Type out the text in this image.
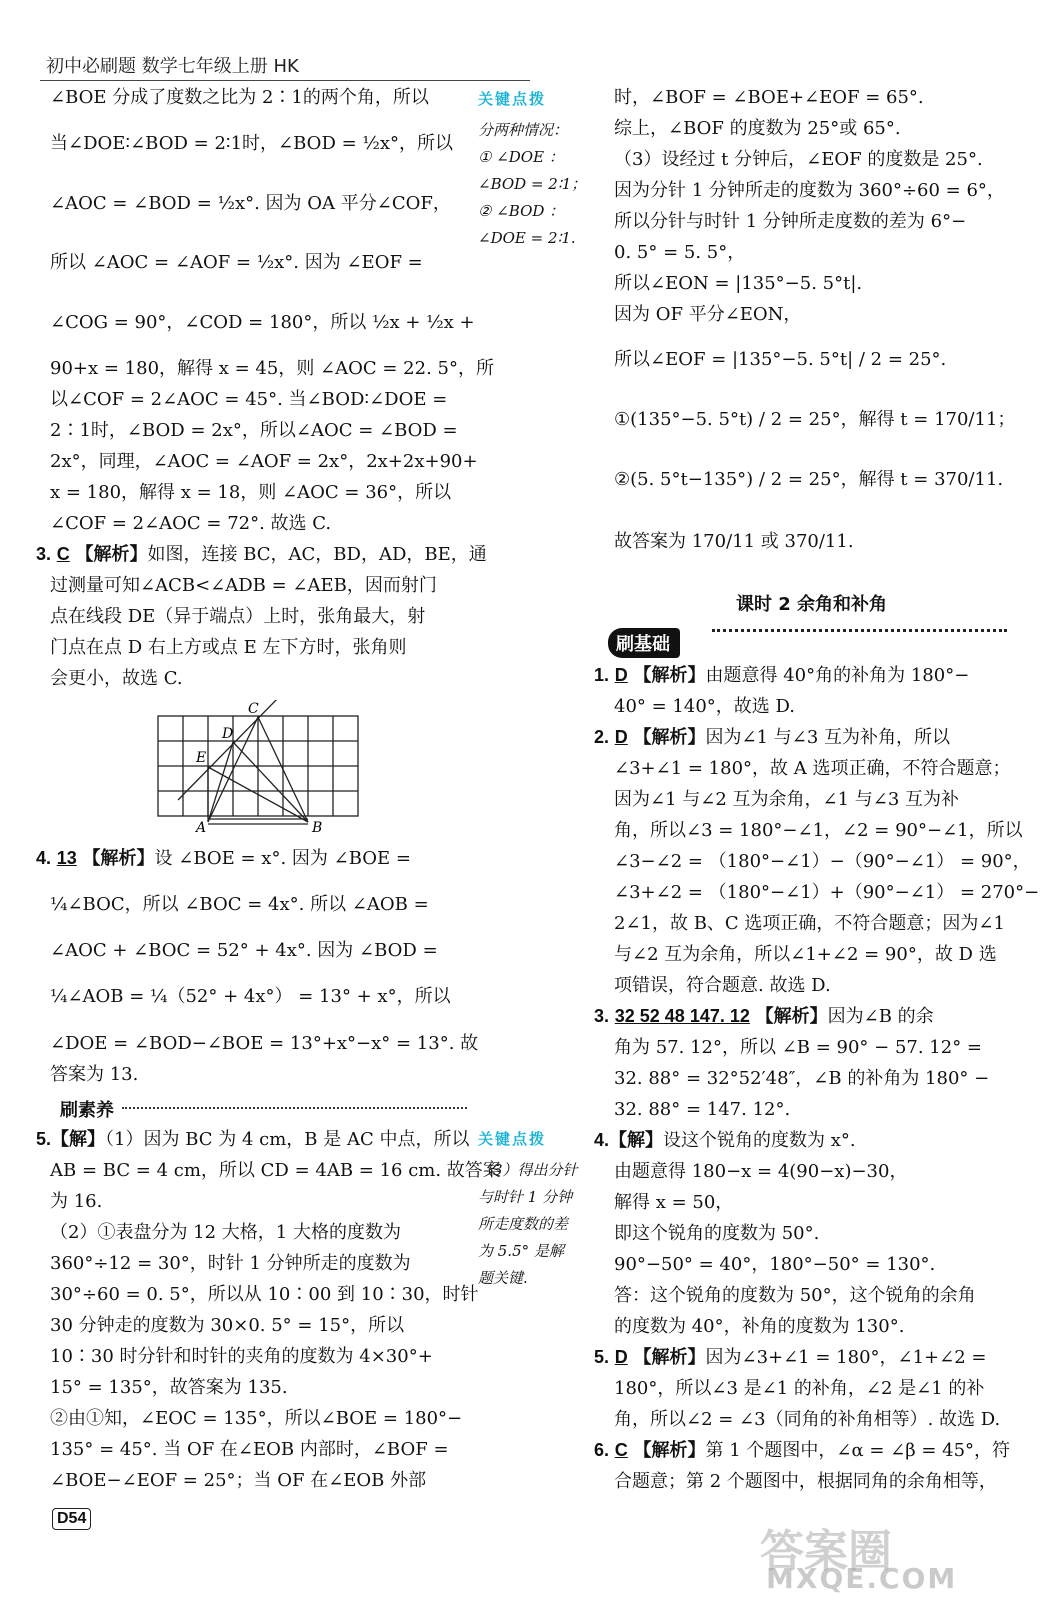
初中必刷题 数学七年级上册 HK
∠BOE 分成了度数之比为 2∶1的两个角，所以
当∠DOE∶∠BOD = 2∶1时，∠BOD = ½x°，所以
∠AOC = ∠BOD = ½x°. 因为 OA 平分∠COF，
所以 ∠AOC = ∠AOF = ½x°. 因为 ∠EOF =
∠COG = 90°，∠COD = 180°，所以 ½x + ½x +
90+x = 180，解得 x = 45，则 ∠AOC = 22. 5°，所
以∠COF = 2∠AOC = 45°. 当∠BOD∶∠DOE =
2∶1时，∠BOD = 2x°，所以∠AOC = ∠BOD =
2x°，同理，∠AOC = ∠AOF = 2x°，2x+2x+90+
x = 180，解得 x = 18，则 ∠AOC = 36°，所以
∠COF = 2∠AOC = 72°. 故选 C.
3. C 【解析】如图，连接 BC，AC，BD，AD，BE，通
过测量可知∠ACB<∠ADB = ∠AEB，因而射门
点在线段 DE（异于端点）上时，张角最大，射
门点在点 D 右上方或点 E 左下方时，张角则
会更小，故选 C.
C
D
E
A	B
4. 13 【解析】设 ∠BOE = x°. 因为 ∠BOE =
¼∠BOC，所以 ∠BOC = 4x°. 所以 ∠AOB =
∠AOC + ∠BOC = 52° + 4x°. 因为 ∠BOD =
¼∠AOB = ¼（52° + 4x°） = 13° + x°，所以
∠DOE = ∠BOD−∠BOE = 13°+x°−x° = 13°. 故
答案为 13.
刷素养
5.【解】（1）因为 BC 为 4 cm，B 是 AC 中点，所以
AB = BC = 4 cm，所以 CD = 4AB = 16 cm. 故答案
为 16.
（2）①表盘分为 12 大格，1 大格的度数为
360°÷12 = 30°，时针 1 分钟所走的度数为
30°÷60 = 0. 5°，所以从 10∶00 到 10∶30，时针
30 分钟走的度数为 30×0. 5° = 15°，所以
10∶30 时分针和时针的夹角的度数为 4×30°+
15° = 135°，故答案为 135.
②由①知，∠EOC = 135°，所以∠BOE = 180°−
135° = 45°. 当 OF 在∠EOB 内部时，∠BOF =
∠BOE−∠EOF = 25°；当 OF 在∠EOB 外部
关键点拨
分两种情况：
① ∠DOE ：
∠BOD = 2∶1；
② ∠BOD ：
∠DOE = 2∶1.
关键点拨
（3）得出分针
与时针 1 分钟
所走度数的差
为 5.5° 是解
题关键.
时，∠BOF = ∠BOE+∠EOF = 65°.
综上，∠BOF 的度数为 25°或 65°.
（3）设经过 t 分钟后，∠EOF 的度数是 25°.
因为分针 1 分钟所走的度数为 360°÷60 = 6°，
所以分针与时针 1 分钟所走度数的差为 6°−
0. 5° = 5. 5°，
所以∠EON = |135°−5. 5°t|.
因为 OF 平分∠EON，
所以∠EOF = |135°−5. 5°t| / 2 = 25°.
①(135°−5. 5°t) / 2 = 25°，解得 t = 170/11；
②(5. 5°t−135°) / 2 = 25°，解得 t = 370/11.
故答案为 170/11 或 370/11.
课时 2 余角和补角
刷基础
1. D 【解析】由题意得 40°角的补角为 180°−
40° = 140°，故选 D.
2. D 【解析】因为∠1 与∠3 互为补角，所以
∠3+∠1 = 180°，故 A 选项正确，不符合题意；
因为∠1 与∠2 互为余角，∠1 与∠3 互为补
角，所以∠3 = 180°−∠1，∠2 = 90°−∠1，所以
∠3−∠2 = （180°−∠1）−（90°−∠1） = 90°，
∠3+∠2 = （180°−∠1）+（90°−∠1） = 270°−
2∠1，故 B、C 选项正确，不符合题意；因为∠1
与∠2 互为余角，所以∠1+∠2 = 90°，故 D 选
项错误，符合题意. 故选 D.
3. 32 52 48 147. 12 【解析】因为∠B 的余
角为 57. 12°，所以 ∠B = 90° − 57. 12° =
32. 88° = 32°52′48″，∠B 的补角为 180° −
32. 88° = 147. 12°.
4.【解】设这个锐角的度数为 x°.
由题意得 180−x = 4(90−x)−30，
解得 x = 50，
即这个锐角的度数为 50°.
90°−50° = 40°，180°−50° = 130°.
答：这个锐角的度数为 50°，这个锐角的余角
的度数为 40°，补角的度数为 130°.
5. D 【解析】因为∠3+∠1 = 180°，∠1+∠2 =
180°，所以∠3 是∠1 的补角，∠2 是∠1 的补
角，所以∠2 = ∠3（同角的补角相等）. 故选 D.
6. C 【解析】第 1 个题图中，∠α = ∠β = 45°，符
合题意；第 2 个题图中，根据同角的余角相等，
D54
答案圈
MXQE.COM
